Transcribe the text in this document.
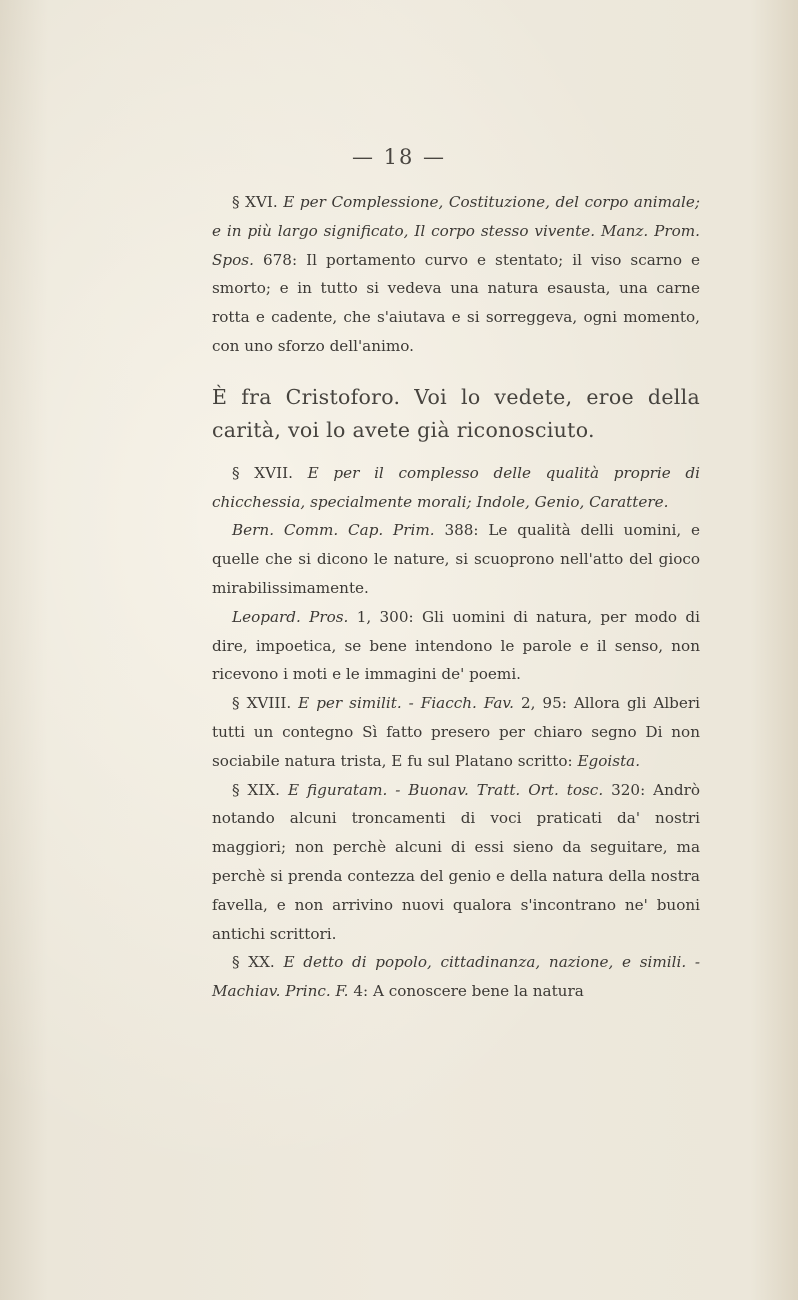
— 18 —

§ XVI. E per Complessione, Costituzione, del corpo animale; e in più largo significato, Il corpo stesso vivente. Manz. Prom. Spos. 678: Il portamento curvo e stentato; il viso scarno e smorto; e in tutto si vedeva una natura esausta, una carne rotta e cadente, che s'aiutava e si sorreggeva, ogni momento, con uno sforzo dell'animo.

È fra Cristoforo. Voi lo vedete, eroe della carità, voi lo avete già riconosciuto.

§ XVII. E per il complesso delle qualità proprie di chicchessia, specialmente morali; Indole, Genio, Carattere.

Bern. Comm. Cap. Prim. 388: Le qualità delli uomini, e quelle che si dicono le nature, si scuoprono nell'atto del gioco mirabilissimamente.

Leopard. Pros. 1, 300: Gli uomini di natura, per modo di dire, impoetica, se bene intendono le parole e il senso, non ricevono i moti e le immagini de' poemi.

§ XVIII. E per similit. - Fiacch. Fav. 2, 95: Allora gli Alberi tutti un contegno Sì fatto presero per chiaro segno Di non sociabile natura trista, E fu sul Platano scritto: Egoista.

§ XIX. E figuratam. - Buonav. Tratt. Ort. tosc. 320: Andrò notando alcuni troncamenti di voci praticati da' nostri maggiori; non perchè alcuni di essi sieno da seguitare, ma perchè si prenda contezza del genio e della natura della nostra favella, e non arrivino nuovi qualora s'incontrano ne' buoni antichi scrittori.

§ XX. E detto di popolo, cittadinanza, nazione, e simili. - Machiav. Princ. F. 4: A conoscere bene la natura
